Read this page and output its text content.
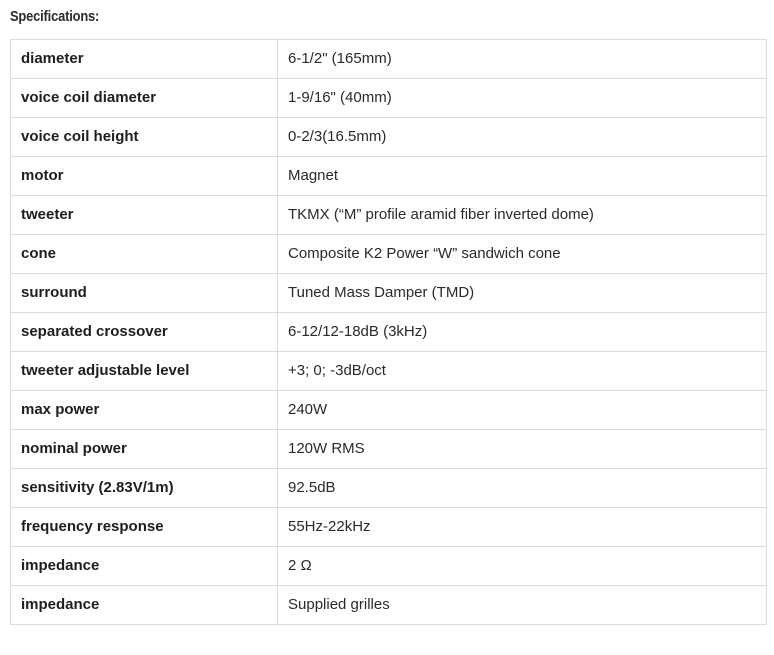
Specifications:
diameter	6-1/2" (165mm)
voice coil diameter	1-9/16" (40mm)
voice coil height	0-2/3(16.5mm)
motor	Magnet
tweeter	TKMX (“M” profile aramid fiber inverted dome)
cone	Composite K2 Power “W” sandwich cone
surround	Tuned Mass Damper (TMD)
separated crossover	6-12/12-18dB (3kHz)
tweeter adjustable level	+3; 0; -3dB/oct
max power	240W
nominal power	120W RMS
sensitivity (2.83V/1m)	92.5dB
frequency response	55Hz-22kHz
impedance	2 Ω
impedance	Supplied grilles
